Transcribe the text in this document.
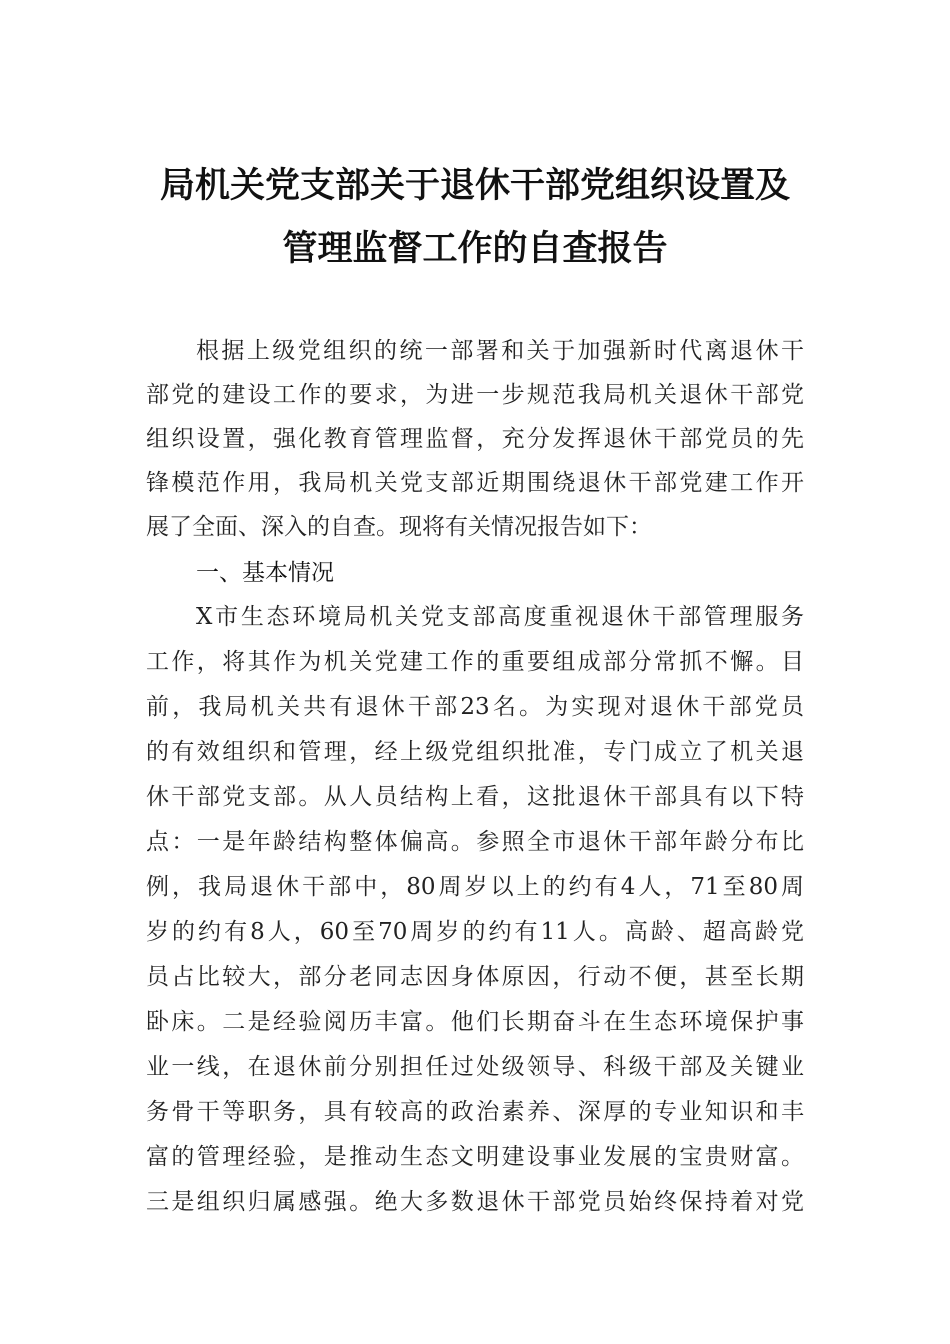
局机关党支部关于退休干部党组织设置及
管理监督工作的自查报告
根据上级党组织的统一部署和关于加强新时代离退休干
部党的建设工作的要求，为进一步规范我局机关退休干部党
组织设置，强化教育管理监督，充分发挥退休干部党员的先
锋模范作用，我局机关党支部近期围绕退休干部党建工作开
展了全面、深入的自查。现将有关情况报告如下：
一、基本情况
X市生态环境局机关党支部高度重视退休干部管理服务
工作，将其作为机关党建工作的重要组成部分常抓不懈。目
前，我局机关共有退休干部23名。为实现对退休干部党员
的有效组织和管理，经上级党组织批准，专门成立了机关退
休干部党支部。从人员结构上看，这批退休干部具有以下特
点：一是年龄结构整体偏高。参照全市退休干部年龄分布比
例，我局退休干部中，80周岁以上的约有4人，71至80周
岁的约有8人，60至70周岁的约有11人。高龄、超高龄党
员占比较大，部分老同志因身体原因，行动不便，甚至长期
卧床。二是经验阅历丰富。他们长期奋斗在生态环境保护事
业一线，在退休前分别担任过处级领导、科级干部及关键业
务骨干等职务，具有较高的政治素养、深厚的专业知识和丰
富的管理经验，是推动生态文明建设事业发展的宝贵财富。
三是组织归属感强。绝大多数退休干部党员始终保持着对党
